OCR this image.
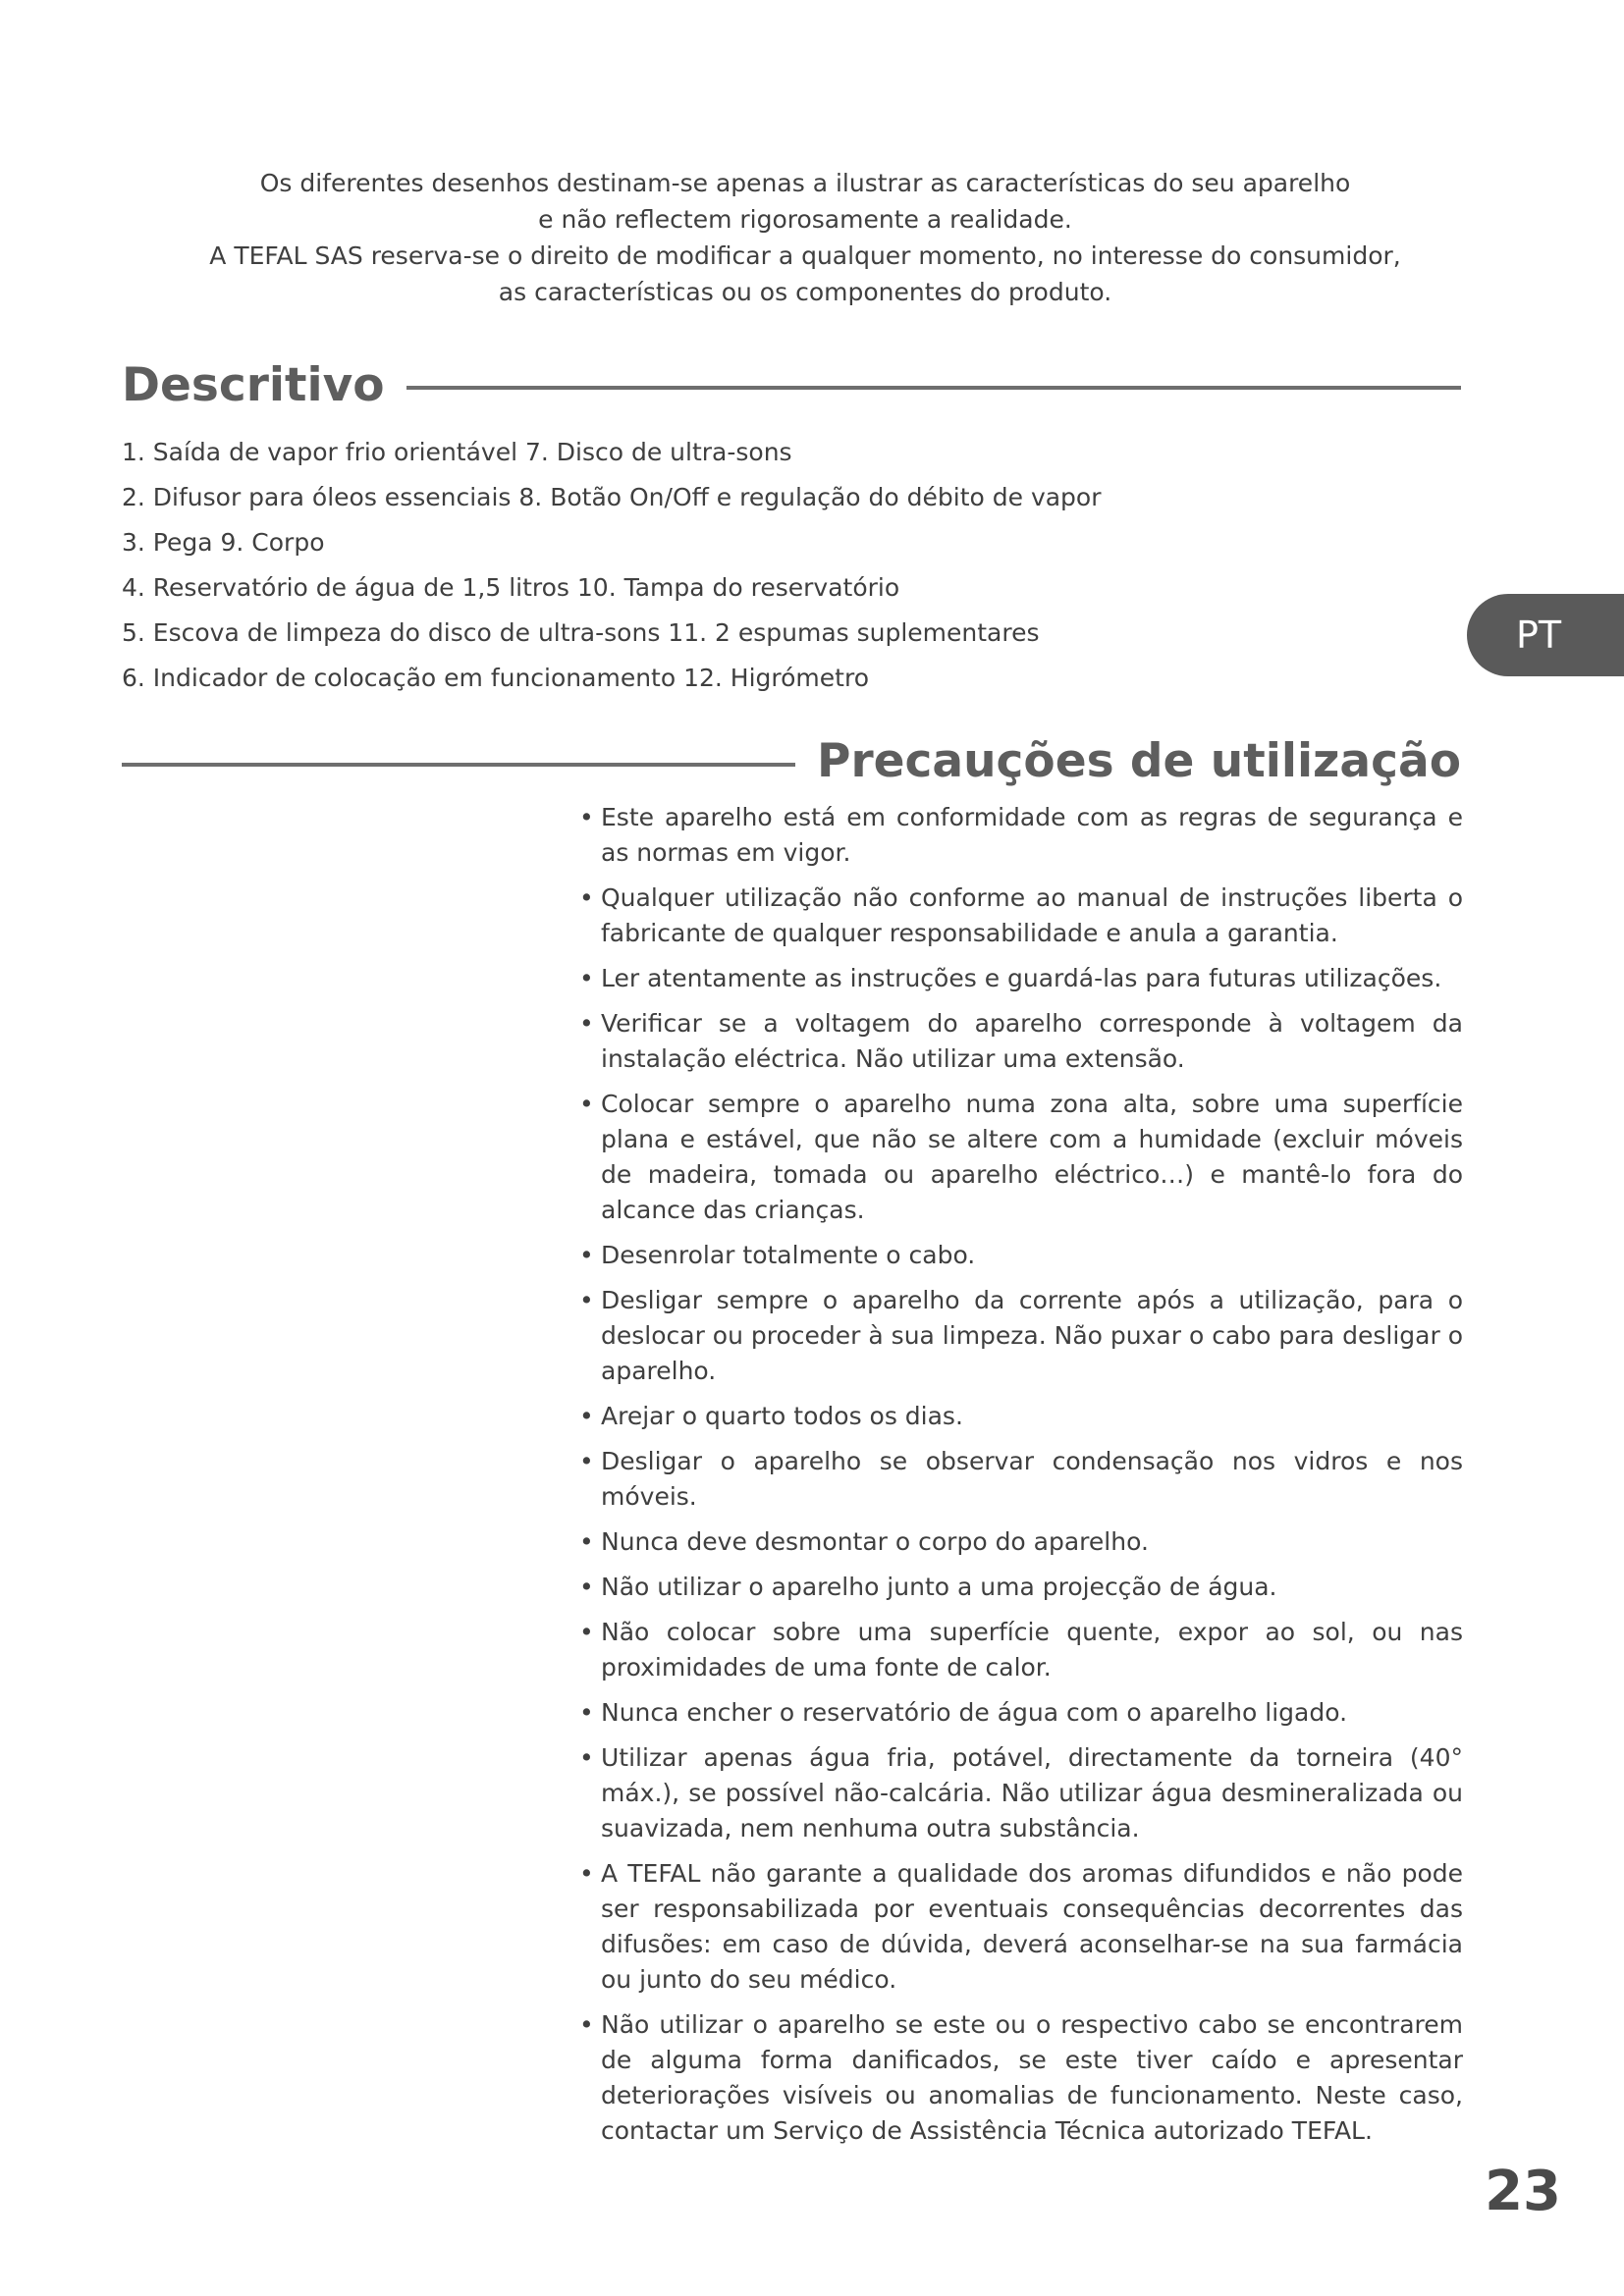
Os diferentes desenhos destinam-se apenas a ilustrar as características do seu aparelho
e não reflectem rigorosamente a realidade.
A TEFAL SAS reserva-se o direito de modificar a qualquer momento, no interesse do consumidor,
as características ou os componentes do produto.
Descritivo
1. Saída de vapor frio orientável 7. Disco de ultra-sons
2. Difusor para óleos essenciais 8. Botão On/Off e regulação do débito de vapor
3. Pega 9. Corpo
4. Reservatório de água de 1,5 litros 10. Tampa do reservatório
5. Escova de limpeza do disco de ultra-sons 11. 2 espumas suplementares
6. Indicador de colocação em funcionamento 12. Higrómetro
PT
Precauções de utilização
• Este aparelho está em conformidade com as regras de segurança e as normas em vigor.
• Qualquer utilização não conforme ao manual de instruções liberta o fabricante de qualquer responsabilidade e anula a garantia.
• Ler atentamente as instruções e guardá-las para futuras utilizações.
• Verificar se a voltagem do aparelho corresponde à voltagem da instalação eléctrica. Não utilizar uma extensão.
• Colocar sempre o aparelho numa zona alta, sobre uma superfície plana e estável, que não se altere com a humidade (excluir móveis de madeira, tomada ou aparelho eléctrico…) e mantê-lo fora do alcance das crianças.
• Desenrolar totalmente o cabo.
• Desligar sempre o aparelho da corrente após a utilização, para o deslocar ou proceder à sua limpeza. Não puxar o cabo para desligar o aparelho.
• Arejar o quarto todos os dias.
• Desligar o aparelho se observar condensação nos vidros e nos móveis.
• Nunca deve desmontar o corpo do aparelho.
• Não utilizar o aparelho junto a uma projecção de água.
• Não colocar sobre uma superfície quente, expor ao sol, ou nas proximidades de uma fonte de calor.
• Nunca encher o reservatório de água com o aparelho ligado.
• Utilizar apenas água fria, potável, directamente da torneira (40° máx.), se possível não-calcária. Não utilizar água desmineralizada ou suavizada, nem nenhuma outra substância.
• A TEFAL não garante a qualidade dos aromas difundidos e não pode ser responsabilizada por eventuais consequências decorrentes das difusões: em caso de dúvida, deverá aconselhar-se na sua farmácia ou junto do seu médico.
• Não utilizar o aparelho se este ou o respectivo cabo se encontrarem de alguma forma danificados, se este tiver caído e apresentar deteriorações visíveis ou anomalias de funcionamento. Neste caso, contactar um Serviço de Assistência Técnica autorizado TEFAL.
23
